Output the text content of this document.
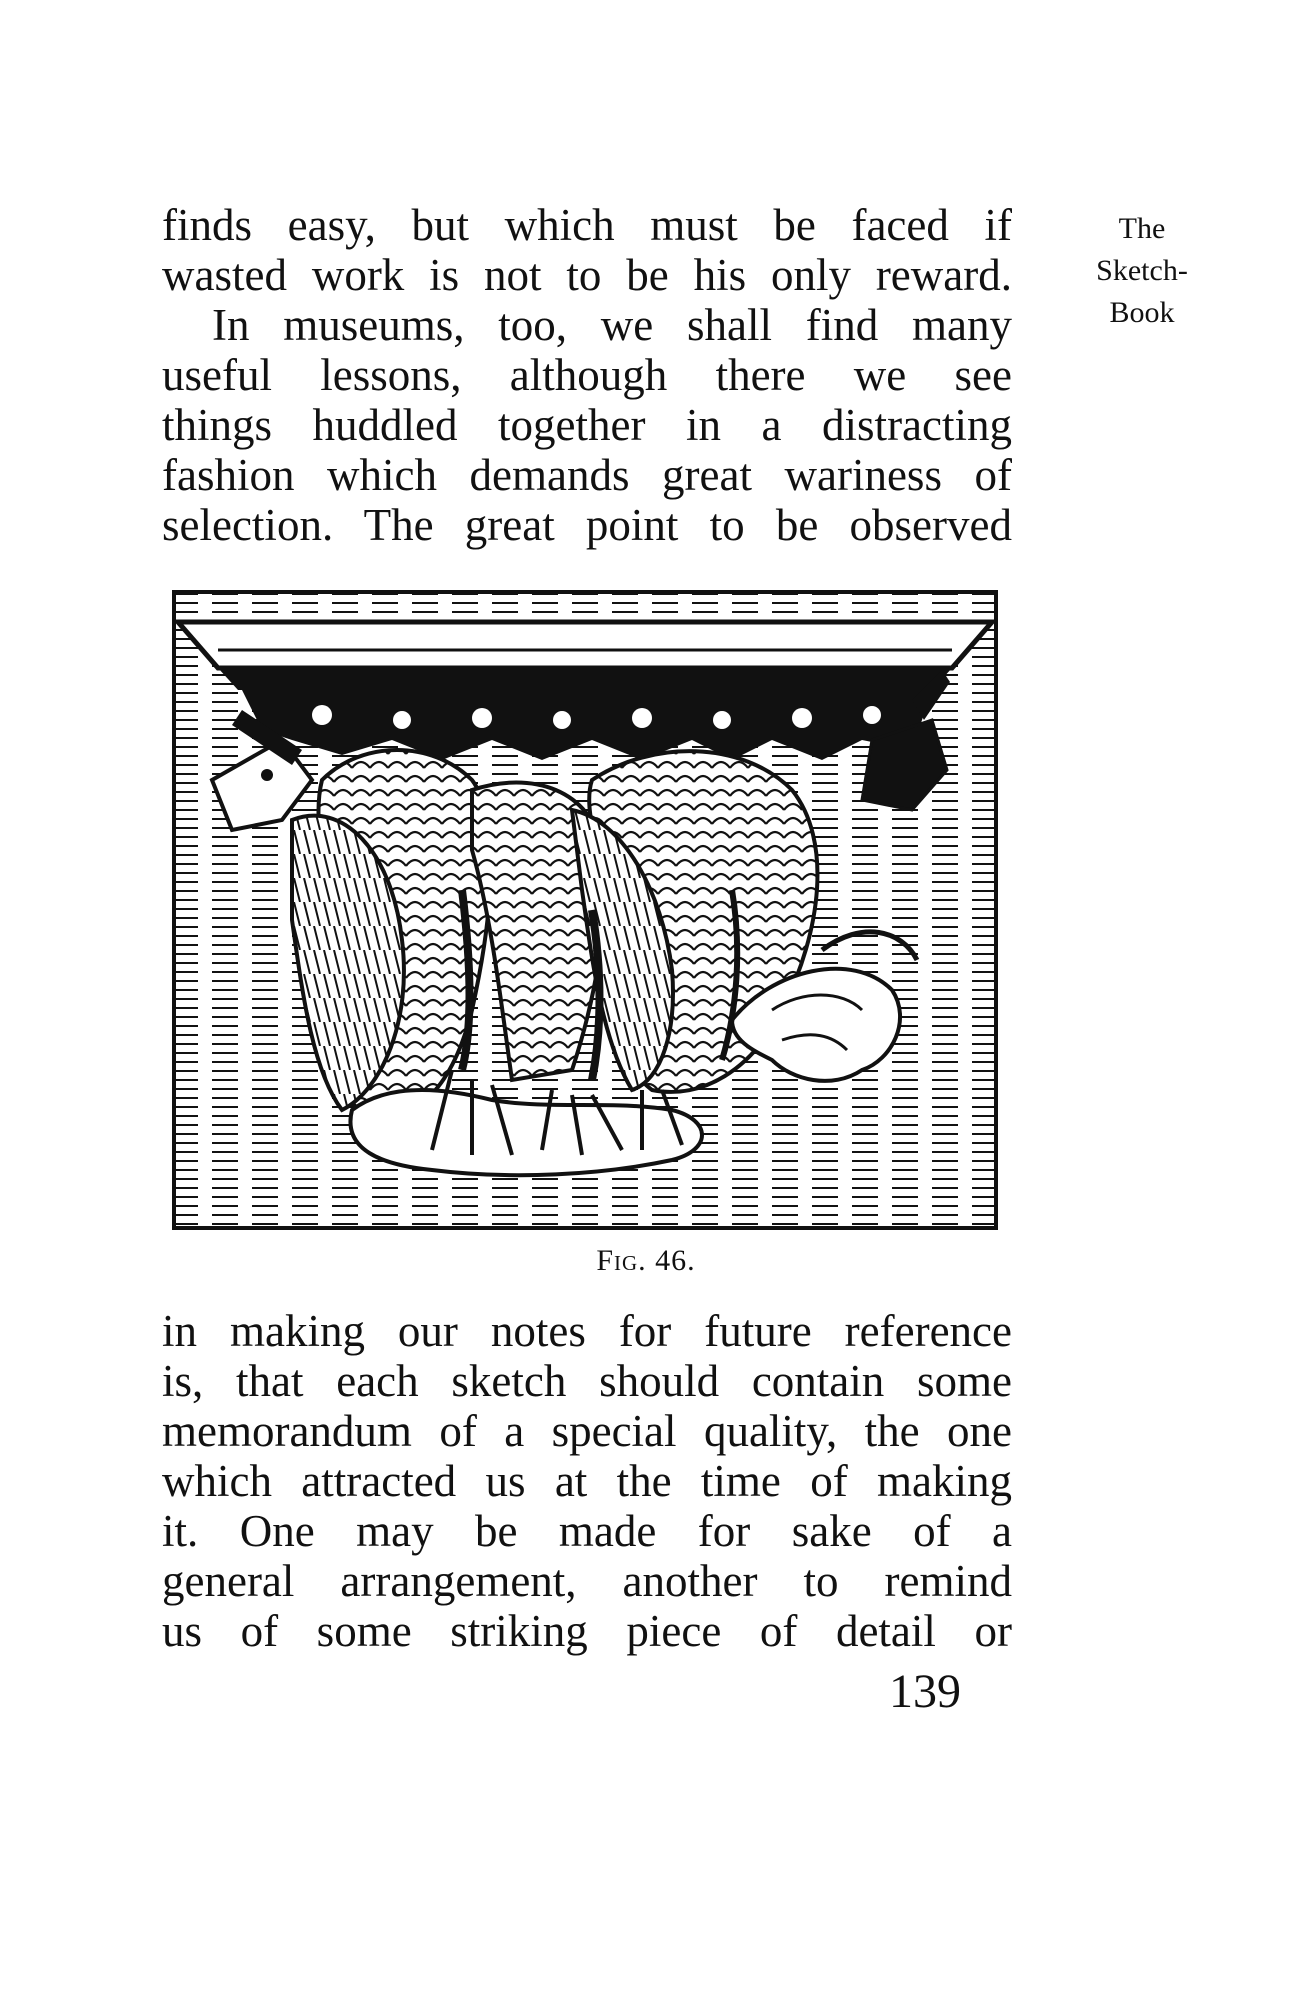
The
Sketch-
Book
finds easy, but which must be faced if
wasted work is not to be his only reward.
In museums, too, we shall find many
useful lessons, although there we see
things huddled together in a distracting
fashion which demands great wariness of
selection. The great point to be observed
Fig. 46.
in making our notes for future reference
is, that each sketch should contain some
memorandum of a special quality, the one
which attracted us at the time of making
it. One may be made for sake of a
general arrangement, another to remind
us of some striking piece of detail or
139
